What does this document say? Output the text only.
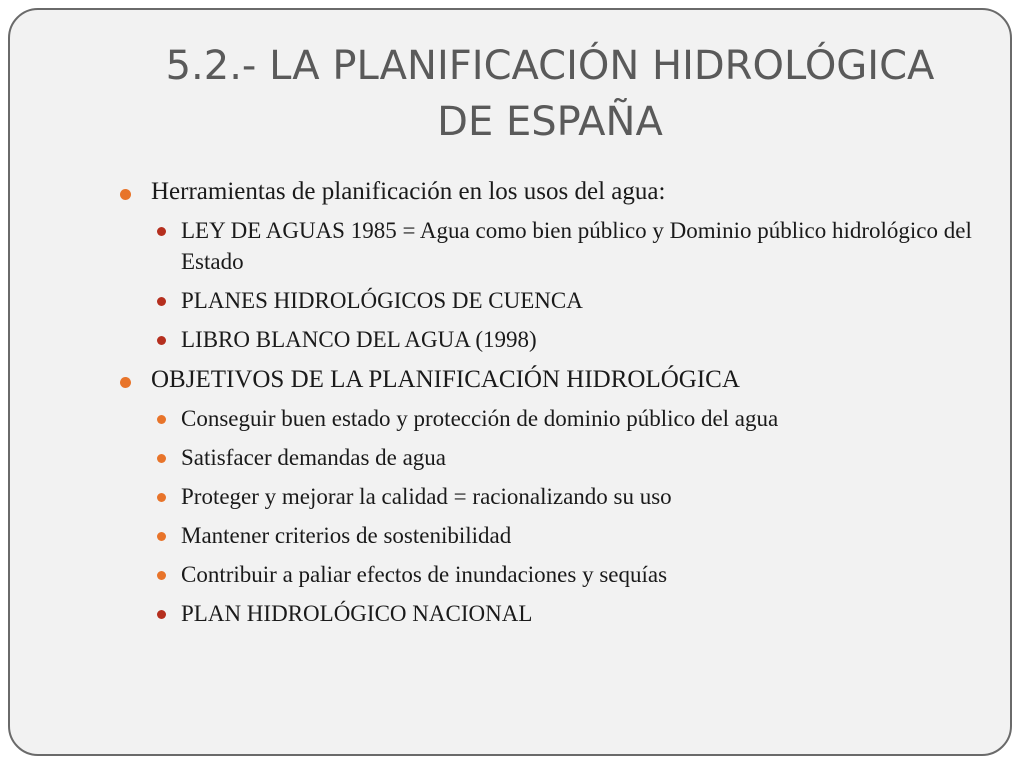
5.2.- LA PLANIFICACIÓN HIDROLÓGICA
DE ESPAÑA
Herramientas de planificación en los usos del agua:
LEY DE AGUAS 1985 = Agua como bien público y Dominio público hidrológico del Estado
PLANES HIDROLÓGICOS DE CUENCA
LIBRO BLANCO DEL AGUA (1998)
OBJETIVOS DE LA PLANIFICACIÓN HIDROLÓGICA
Conseguir buen estado y protección de dominio público del agua
Satisfacer demandas de agua
Proteger y mejorar la calidad = racionalizando su uso
Mantener criterios de sostenibilidad
Contribuir a paliar efectos de inundaciones y sequías
PLAN HIDROLÓGICO NACIONAL
